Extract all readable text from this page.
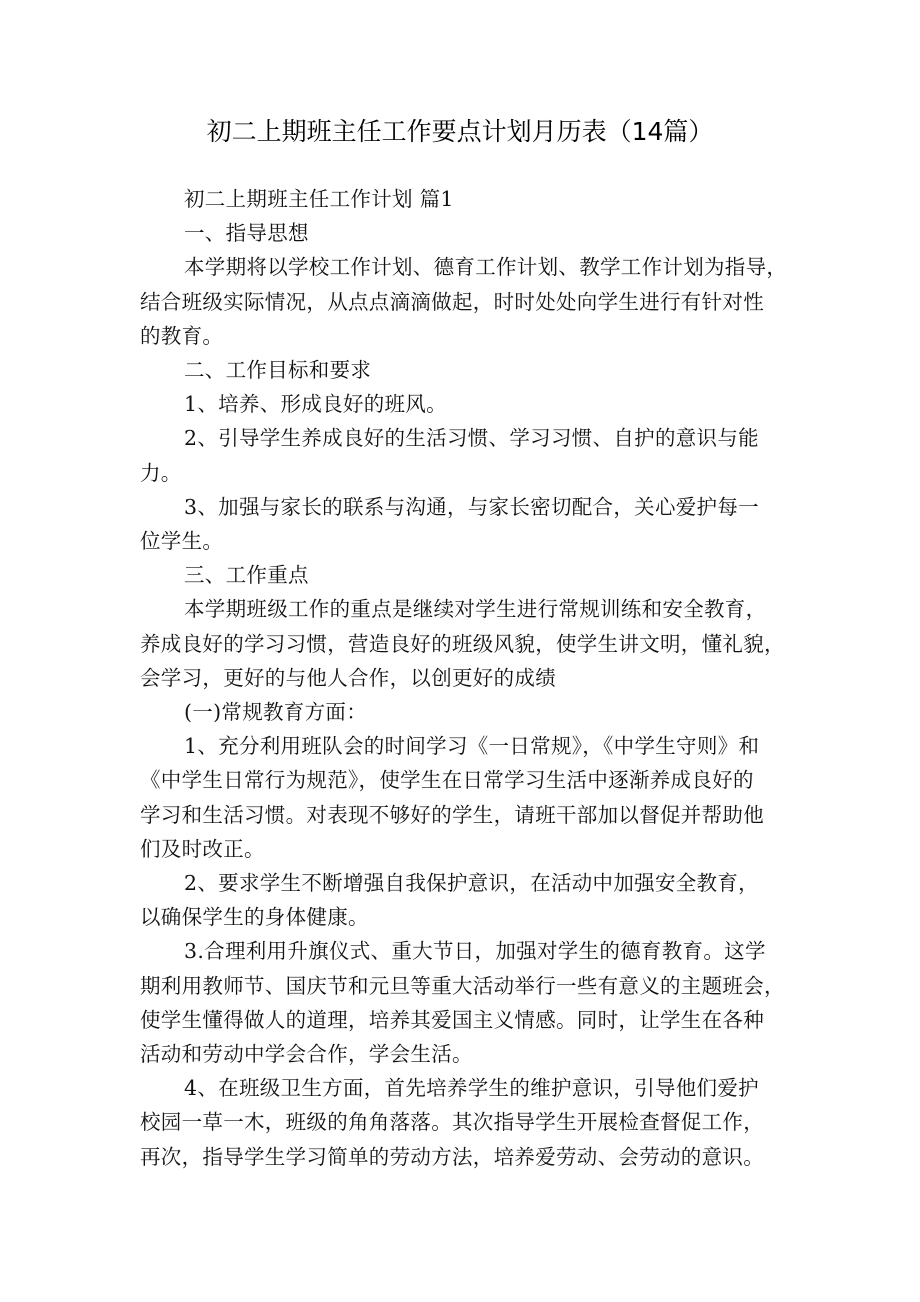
初二上期班主任工作要点计划月历表（14篇）
初二上期班主任工作计划 篇1
一、指导思想
本学期将以学校工作计划、德育工作计划、教学工作计划为指导，
结合班级实际情况，从点点滴滴做起，时时处处向学生进行有针对性
的教育。
二、工作目标和要求
1、培养、形成良好的班风。
2、引导学生养成良好的生活习惯、学习习惯、自护的意识与能
力。
3、加强与家长的联系与沟通，与家长密切配合，关心爱护每一
位学生。
三、工作重点
本学期班级工作的重点是继续对学生进行常规训练和安全教育，
养成良好的学习习惯，营造良好的班级风貌，使学生讲文明，懂礼貌，
会学习，更好的与他人合作，以创更好的成绩
(一)常规教育方面：
1、充分利用班队会的时间学习《一日常规》，《中学生守则》和
《中学生日常行为规范》，使学生在日常学习生活中逐渐养成良好的
学习和生活习惯。对表现不够好的学生，请班干部加以督促并帮助他
们及时改正。
2、要求学生不断增强自我保护意识，在活动中加强安全教育，
以确保学生的身体健康。
3.合理利用升旗仪式、重大节日，加强对学生的德育教育。这学
期利用教师节、国庆节和元旦等重大活动举行一些有意义的主题班会，
使学生懂得做人的道理，培养其爱国主义情感。同时，让学生在各种
活动和劳动中学会合作，学会生活。
4、在班级卫生方面，首先培养学生的维护意识，引导他们爱护
校园一草一木，班级的角角落落。其次指导学生开展检查督促工作，
再次，指导学生学习简单的劳动方法，培养爱劳动、会劳动的意识。
